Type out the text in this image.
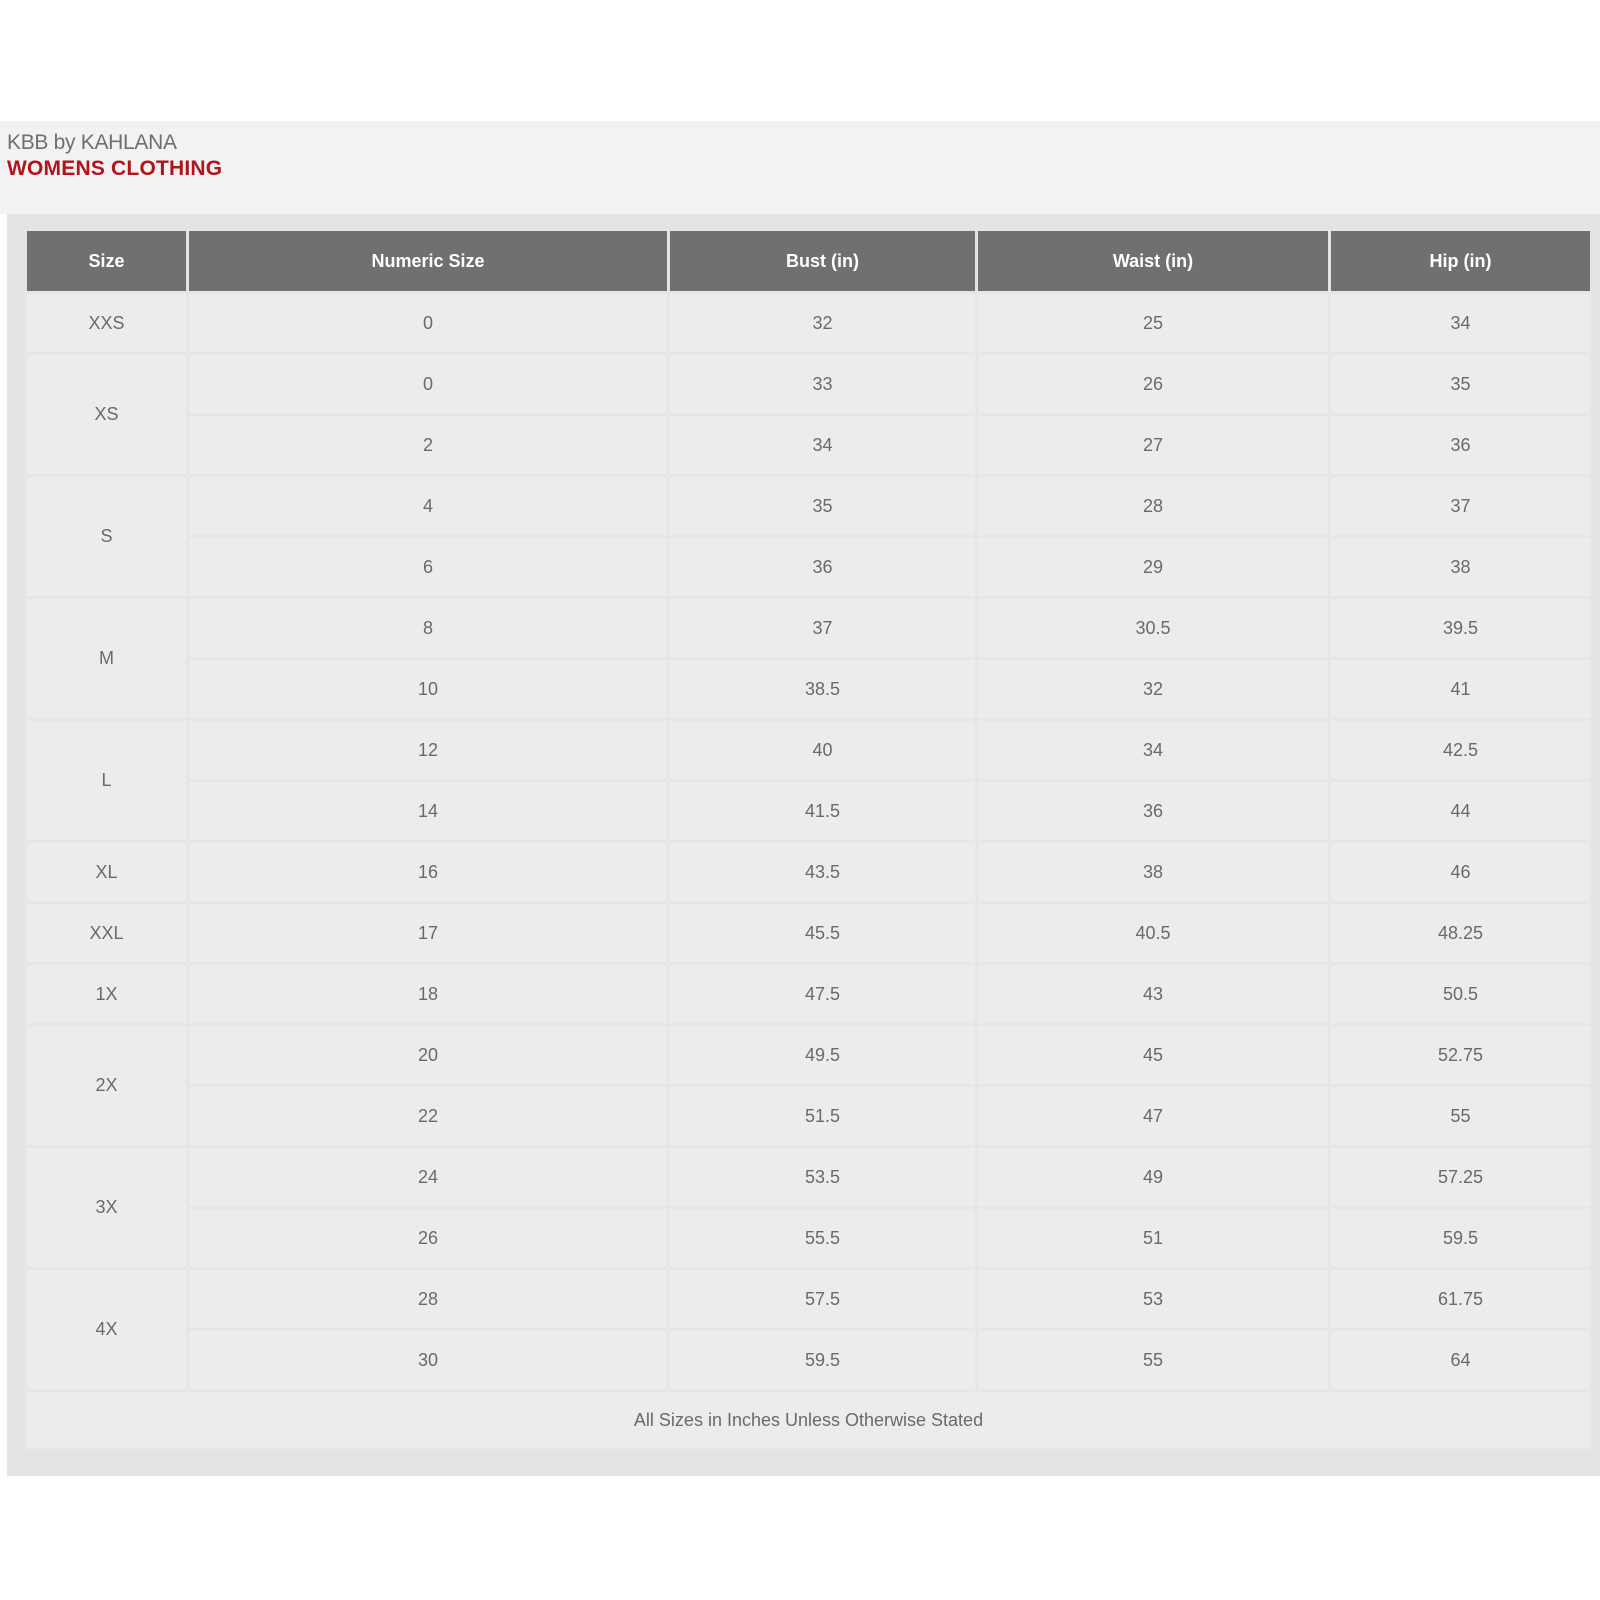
KBB by KAHLANA
WOMENS CLOTHING
Size	Numeric Size	Bust (in)	Waist (in)	Hip (in)
XXS	0	32	25	34
XS	0	33	26	35
	2	34	27	36
S	4	35	28	37
	6	36	29	38
M	8	37	30.5	39.5
	10	38.5	32	41
L	12	40	34	42.5
	14	41.5	36	44
XL	16	43.5	38	46
XXL	17	45.5	40.5	48.25
1X	18	47.5	43	50.5
2X	20	49.5	45	52.75
	22	51.5	47	55
3X	24	53.5	49	57.25
	26	55.5	51	59.5
4X	28	57.5	53	61.75
	30	59.5	55	64
All Sizes in Inches Unless Otherwise Stated				
